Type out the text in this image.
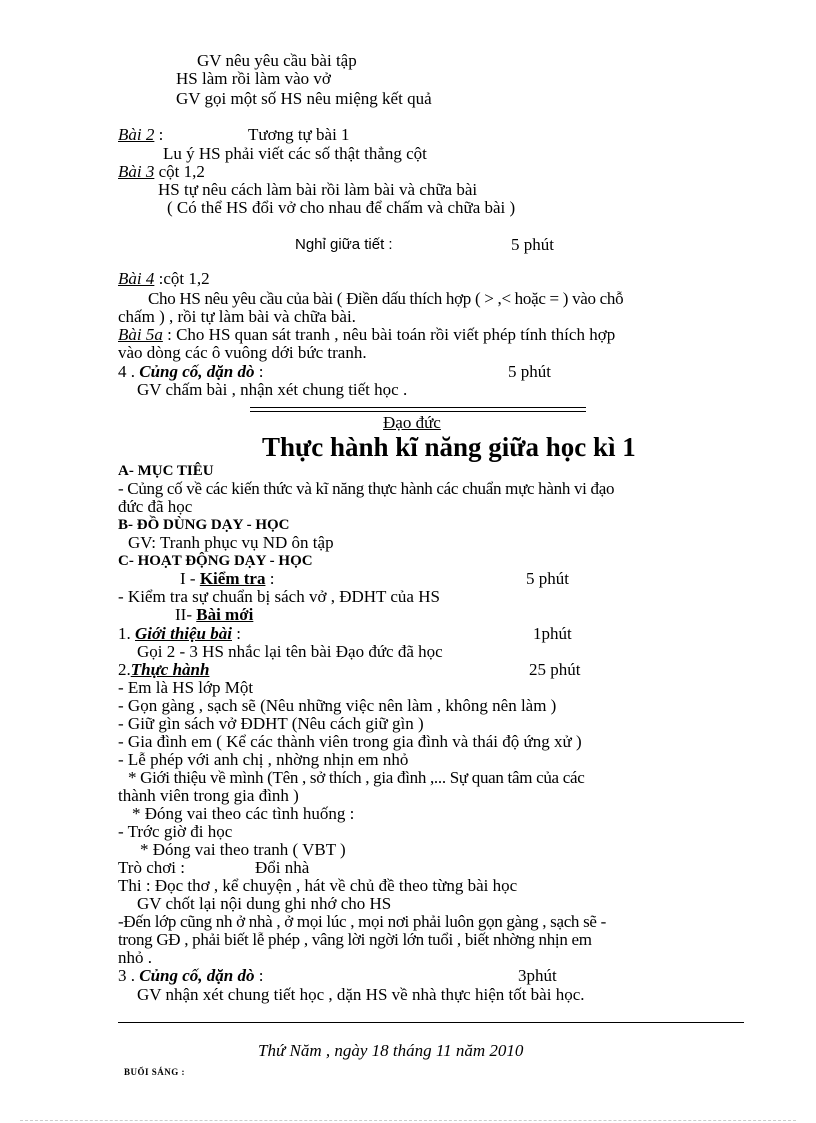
GV nêu yêu cầu bài tập
HS làm rồi làm vào vở
GV gọi một số HS nêu miệng kết quả
Bài 2 :	Tương tự bài 1
Lu ý HS phải viết các số thật thẳng cột
Bài 3 cột 1,2
HS tự nêu cách làm bài rồi làm bài và chữa bài
( Có thể HS đổi vở cho nhau để chấm và chữa bài )
Nghỉ giữa tiết :	5 phút
Bài 4 :cột 1,2
Cho HS nêu yêu cầu của bài ( Điền dấu thích hợp ( > ,< hoặc = ) vào chỗ
chấm ) , rồi tự làm bài và chữa bài.
Bài 5a : Cho HS quan sát tranh , nêu bài toán rồi viết phép tính thích hợp
vào dòng các ô vuông dới bức tranh.
4 . Củng cố, dặn dò :	5 phút
GV chấm bài , nhận xét chung tiết học .
Đạo đức
Thực hành kĩ năng giữa học kì 1
A- MỤC TIÊU
- Củng cố về các kiến thức và kĩ năng thực hành các chuẩn mực hành vi đạo
đức đã học
B- ĐỒ DÙNG DẠY - HỌC
GV: Tranh phục vụ ND ôn tập
C- HOẠT ĐỘNG DẠY - HỌC
I - Kiểm tra :	5 phút
- Kiểm tra sự chuẩn bị sách vở , ĐDHT của HS
II- Bài mới
1. Giới thiệu bài :	1phút
Gọi 2 - 3 HS nhắc lại tên bài Đạo đức đã học
2.Thực hành	25 phút
- Em là HS lớp Một
- Gọn gàng , sạch sẽ (Nêu những việc nên làm , không nên làm )
- Giữ gìn sách vở ĐDHT (Nêu cách giữ gìn )
- Gia đình em ( Kể các thành viên trong gia đình và thái độ ứng xử )
- Lễ phép với anh chị , nhờng nhịn em nhỏ
* Giới thiệu về mình (Tên , sở thích , gia đình ,... Sự quan tâm của các
thành viên trong gia đình )
* Đóng vai theo các tình huống :
- Trớc giờ đi học
* Đóng vai theo tranh ( VBT )
Trò chơi :	Đổi nhà
Thi : Đọc thơ , kể chuyện , hát về chủ đề theo từng bài học
GV chốt lại nội dung ghi nhớ cho HS
-Đến lớp cũng nh ở nhà , ở mọi lúc , mọi nơi phải luôn gọn gàng , sạch sẽ -
trong GĐ , phải biết lễ phép , vâng lời ngời lớn tuổi , biết nhờng nhịn em
nhỏ .
3 . Củng cố, dặn dò :	3phút
GV nhận xét chung tiết học , dặn HS về nhà thực hiện tốt bài học.
Thứ Năm , ngày 18 tháng 11 năm 2010
BUỔI SÁNG :
